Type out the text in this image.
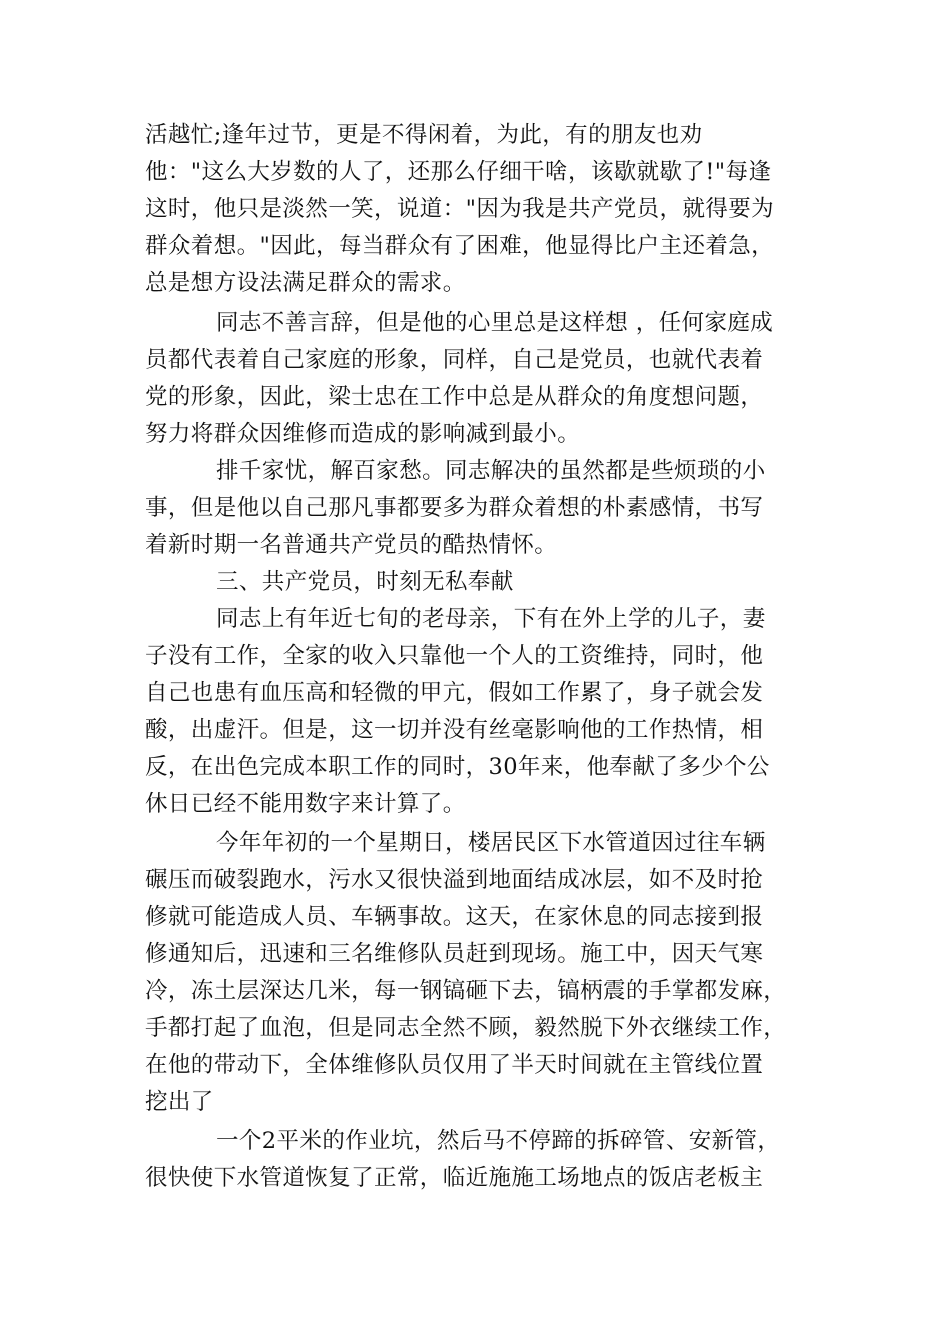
活越忙;逢年过节，更是不得闲着，为此，有的朋友也劝

他："这么大岁数的人了，还那么仔细干啥，该歇就歇了!"每逢

这时，他只是淡然一笑，说道："因为我是共产党员，就得要为

群众着想。"因此，每当群众有了困难，他显得比户主还着急，

总是想方设法满足群众的需求。

同志不善言辞，但是他的心里总是这样想 ，任何家庭成

员都代表着自己家庭的形象，同样，自己是党员，也就代表着

党的形象，因此，梁士忠在工作中总是从群众的角度想问题，

努力将群众因维修而造成的影响减到最小。

排千家忧，解百家愁。同志解决的虽然都是些烦琐的小

事，但是他以自己那凡事都要多为群众着想的朴素感情，书写

着新时期一名普通共产党员的酷热情怀。

三、共产党员，时刻无私奉献

同志上有年近七旬的老母亲，下有在外上学的儿子，妻

子没有工作，全家的收入只靠他一个人的工资维持，同时，他

自己也患有血压高和轻微的甲亢，假如工作累了，身子就会发

酸，出虚汗。但是，这一切并没有丝毫影响他的工作热情，相

反，在出色完成本职工作的同时，30年来，他奉献了多少个公

休日已经不能用数字来计算了。

今年年初的一个星期日，楼居民区下水管道因过往车辆

碾压而破裂跑水，污水又很快溢到地面结成冰层，如不及时抢

修就可能造成人员、车辆事故。这天，在家休息的同志接到报

修通知后，迅速和三名维修队员赶到现场。施工中，因天气寒

冷，冻土层深达几米，每一钢镐砸下去，镐柄震的手掌都发麻，

手都打起了血泡，但是同志全然不顾，毅然脱下外衣继续工作，

在他的带动下，全体维修队员仅用了半天时间就在主管线位置

挖出了

一个2平米的作业坑，然后马不停蹄的拆碎管、安新管，

很快使下水管道恢复了正常，临近施施工场地点的饭店老板主
